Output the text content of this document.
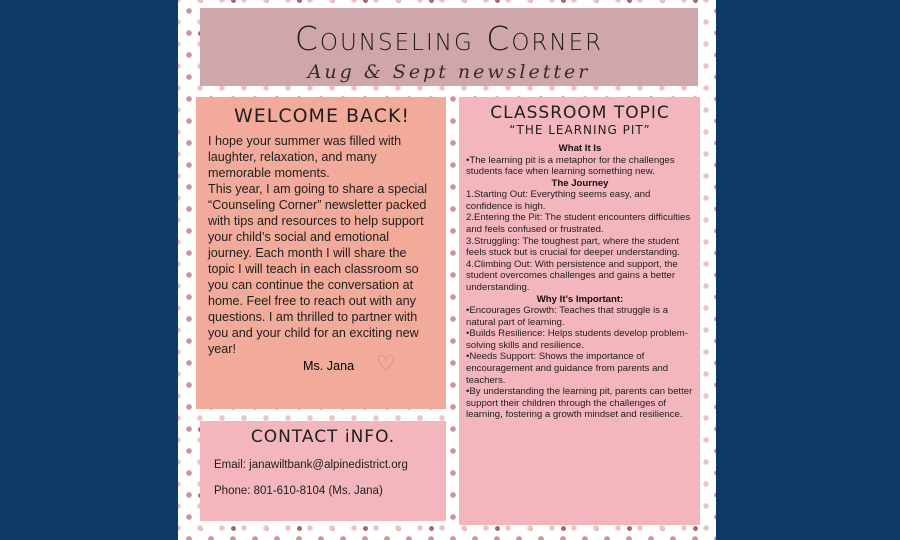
Counseling Corner
Aug & Sept newsletter
WELCOME BACK!
I hope your summer was filled with laughter, relaxation, and many memorable moments.
This year, I am going to share a special “Counseling Corner” newsletter packed with tips and resources to help support your child’s social and emotional journey. Each month I will share the topic I will teach in each classroom so you can continue the conversation at home. Feel free to reach out with any questions. I am thrilled to partner with you and your child for an exciting new year!
Ms. Jana ♡
CONTACT iNFO.
Email: janawiltbank@alpinedistrict.org
Phone: 801-610-8104 (Ms. Jana)
CLASSROOM TOPIC
“THE LEARNING PIT”
What It Is
•The learning pit is a metaphor for the challenges students face when learning something new.
The Journey
1.Starting Out: Everything seems easy, and confidence is high.
2.Entering the Pit: The student encounters difficulties and feels confused or frustrated.
3.Struggling: The toughest part, where the student feels stuck but is crucial for deeper understanding.
4.Climbing Out: With persistence and support, the student overcomes challenges and gains a better understanding.
Why It’s Important:
•Encourages Growth: Teaches that struggle is a natural part of learning.
•Builds Resilience: Helps students develop problem-solving skills and resilience.
•Needs Support: Shows the importance of encouragement and guidance from parents and teachers.
•By understanding the learning pit, parents can better support their children through the challenges of learning, fostering a growth mindset and resilience.
